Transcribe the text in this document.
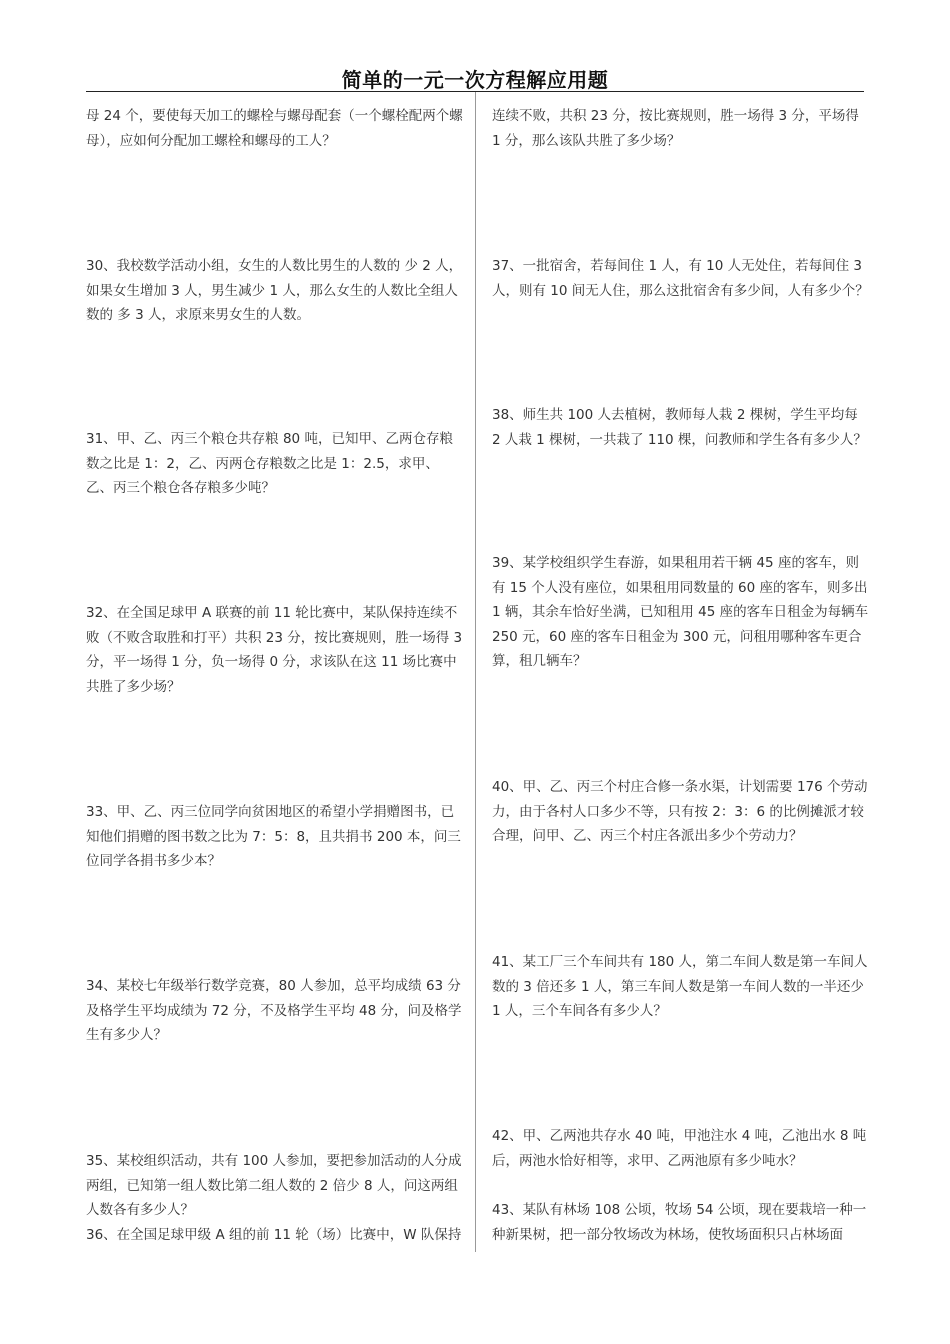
简单的一元一次方程解应用题

母 24 个，要使每天加工的螺栓与螺母配套（一个螺栓配两个螺母），应如何分配加工螺栓和螺母的工人？

30、我校数学活动小组，女生的人数比男生的人数的 少 2 人，如果女生增加 3 人，男生减少 1 人，那么女生的人数比全组人数的 多 3 人，求原来男女生的人数。

31、甲、乙、丙三个粮仓共存粮 80 吨，已知甲、乙两仓存粮数之比是 1：2，乙、丙两仓存粮数之比是 1：2.5，求甲、乙、丙三个粮仓各存粮多少吨？

32、在全国足球甲 A 联赛的前 11 轮比赛中，某队保持连续不败（不败含取胜和打平）共积 23 分，按比赛规则，胜一场得 3 分，平一场得 1 分，负一场得 0 分，求该队在这 11 场比赛中共胜了多少场？

33、甲、乙、丙三位同学向贫困地区的希望小学捐赠图书，已知他们捐赠的图书数之比为 7：5：8，且共捐书 200 本，问三位同学各捐书多少本？

34、某校七年级举行数学竞赛，80 人参加，总平均成绩 63 分及格学生平均成绩为 72 分，不及格学生平均 48 分，问及格学生有多少人？

35、某校组织活动，共有 100 人参加，要把参加活动的人分成两组，已知第一组人数比第二组人数的 2 倍少 8 人，问这两组人数各有多少人？

36、在全国足球甲级 A 组的前 11 轮（场）比赛中，W 队保持

连续不败，共积 23 分，按比赛规则，胜一场得 3 分，平场得 1 分，那么该队共胜了多少场？

37、一批宿舍，若每间住 1 人，有 10 人无处住，若每间住 3 人，则有 10 间无人住，那么这批宿舍有多少间，人有多少个？

38、师生共 100 人去植树，教师每人栽 2 棵树，学生平均每 2 人栽 1 棵树，一共栽了 110 棵，问教师和学生各有多少人？

39、某学校组织学生春游，如果租用若干辆 45 座的客车，则有 15 个人没有座位，如果租用同数量的 60 座的客车，则多出 1 辆，其余车恰好坐满，已知租用 45 座的客车日租金为每辆车 250 元，60 座的客车日租金为 300 元，问租用哪种客车更合算，租几辆车？

40、甲、乙、丙三个村庄合修一条水渠，计划需要 176 个劳动力，由于各村人口多少不等，只有按 2：3：6 的比例摊派才较合理，问甲、乙、丙三个村庄各派出多少个劳动力？

41、某工厂三个车间共有 180 人，第二车间人数是第一车间人数的 3 倍还多 1 人，第三车间人数是第一车间人数的一半还少 1 人，三个车间各有多少人？

42、甲、乙两池共存水 40 吨，甲池注水 4 吨，乙池出水 8 吨后，两池水恰好相等，求甲、乙两池原有多少吨水？

43、某队有林场 108 公顷，牧场 54 公顷，现在要栽培一种一种新果树，把一部分牧场改为林场，使牧场面积只占林场面
